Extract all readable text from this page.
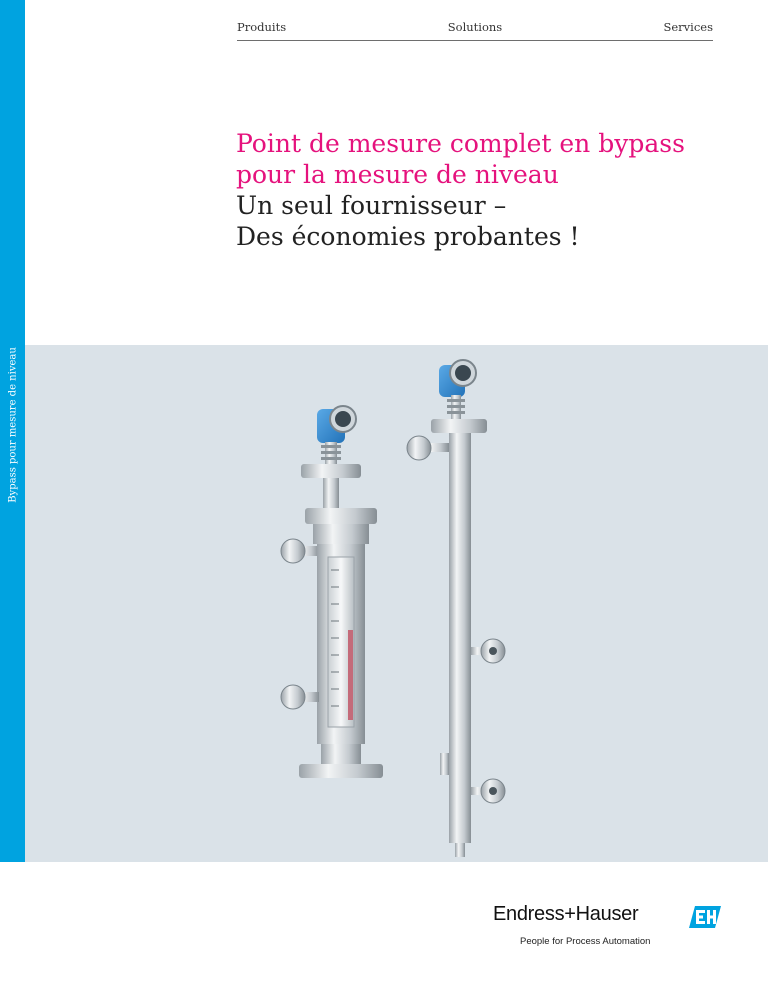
Bypass pour mesure de niveau
Produits	Solutions	Services
Point de mesure complet en bypass
pour la mesure de niveau
Un seul fournisseur –
Des économies probantes !
Endress+Hauser
People for Process Automation
